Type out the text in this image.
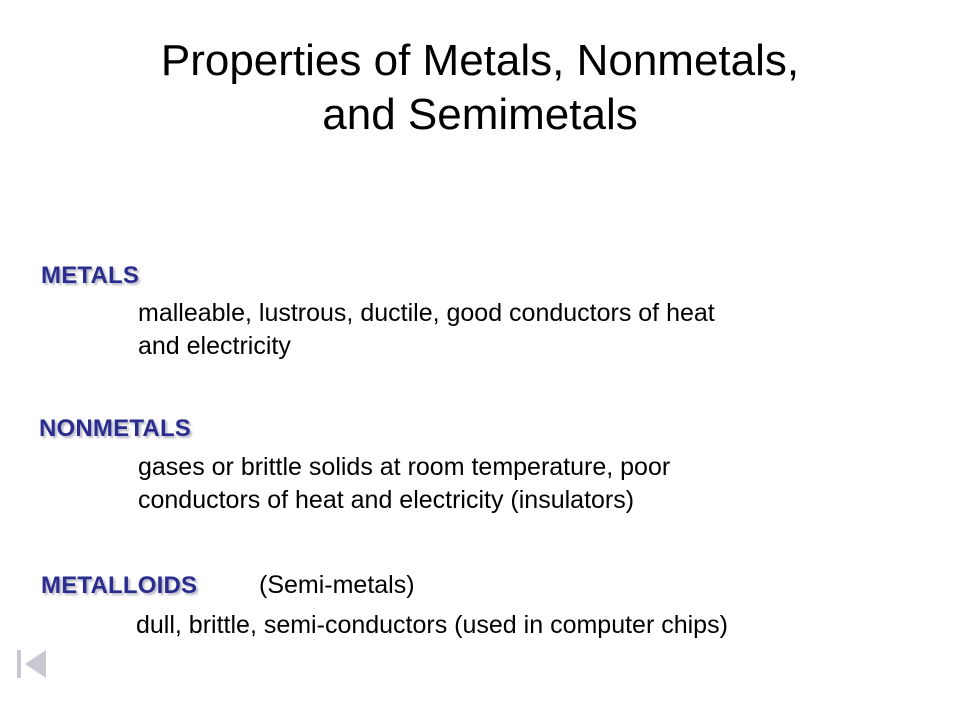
Properties of Metals, Nonmetals,
and Semimetals
METALS
malleable, lustrous, ductile, good conductors of heat
and electricity
NONMETALS
gases or brittle solids at room temperature, poor
conductors of heat and electricity (insulators)
METALLOIDS (Semi-metals)
dull, brittle, semi-conductors (used in computer chips)
